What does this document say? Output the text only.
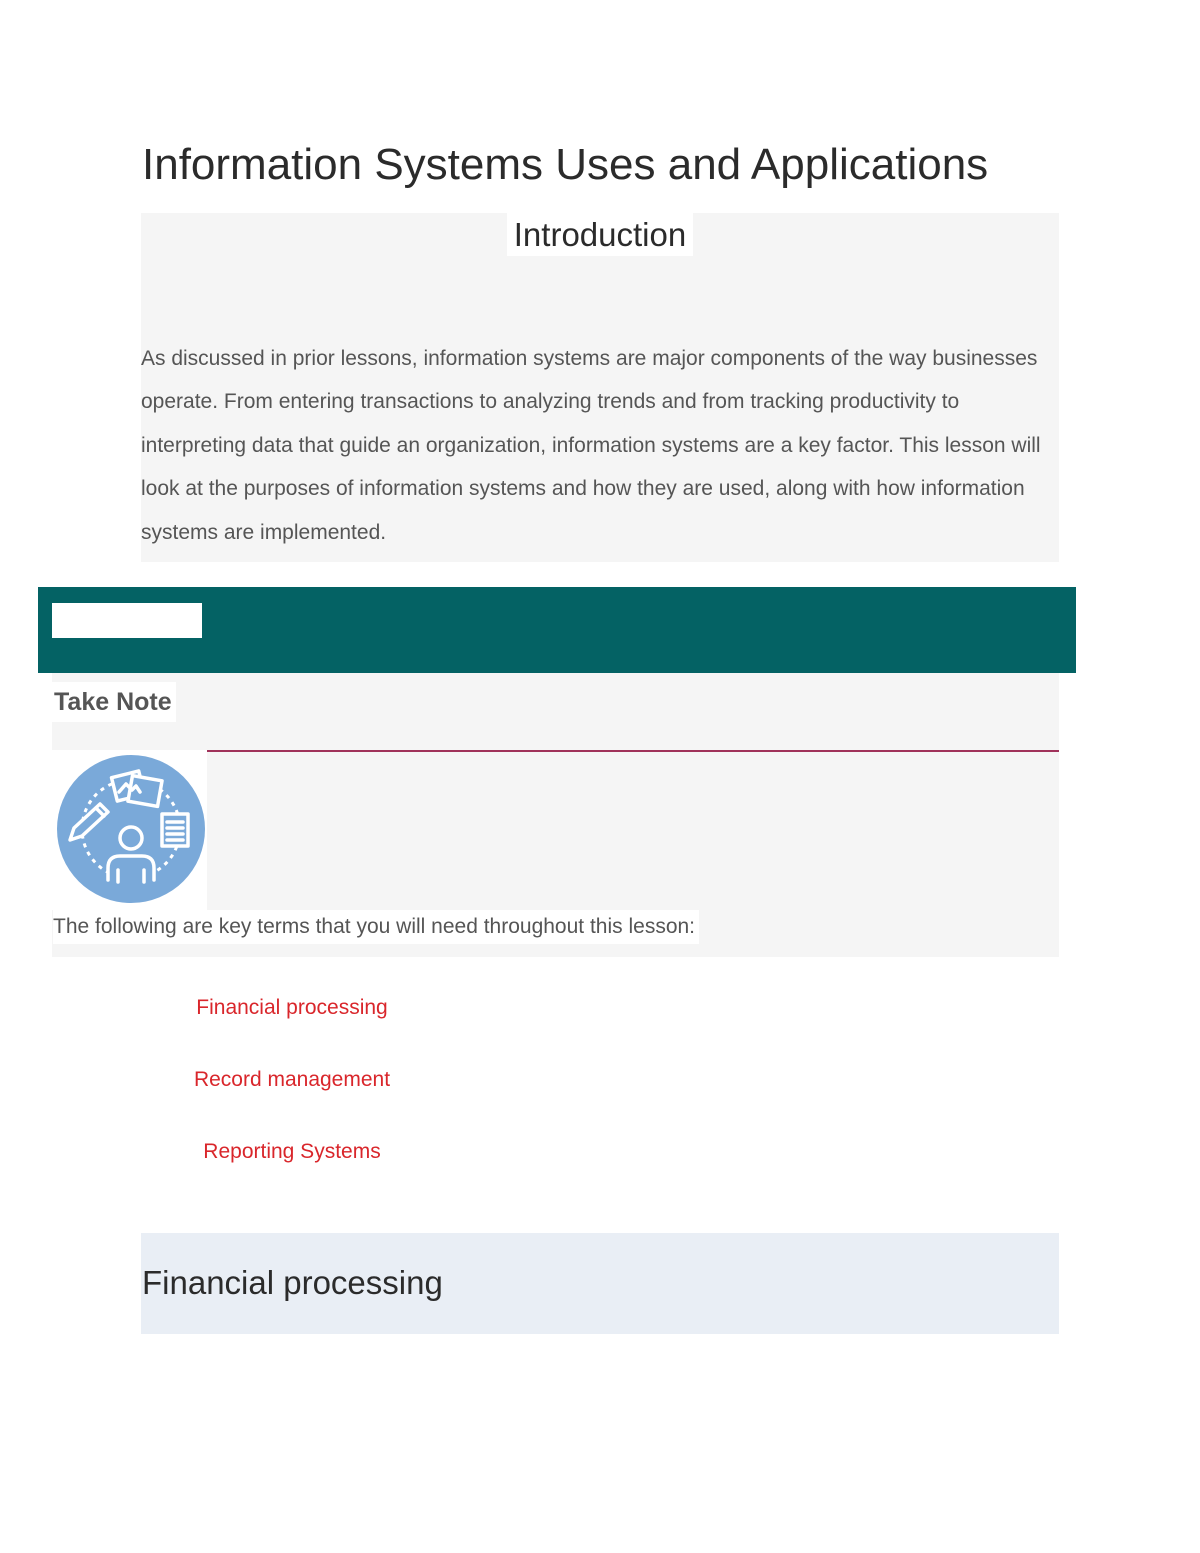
Information Systems Uses and Applications
Introduction

As discussed in prior lessons, information systems are major components of the way businesses operate. From entering transactions to analyzing trends and from tracking productivity to interpreting data that guide an organization, information systems are a key factor. This lesson will look at the purposes of information systems and how they are used, along with how information systems are implemented.

Take Note

The following are key terms that you will need throughout this lesson:

Financial processing
Record management
Reporting Systems
Financial processing
